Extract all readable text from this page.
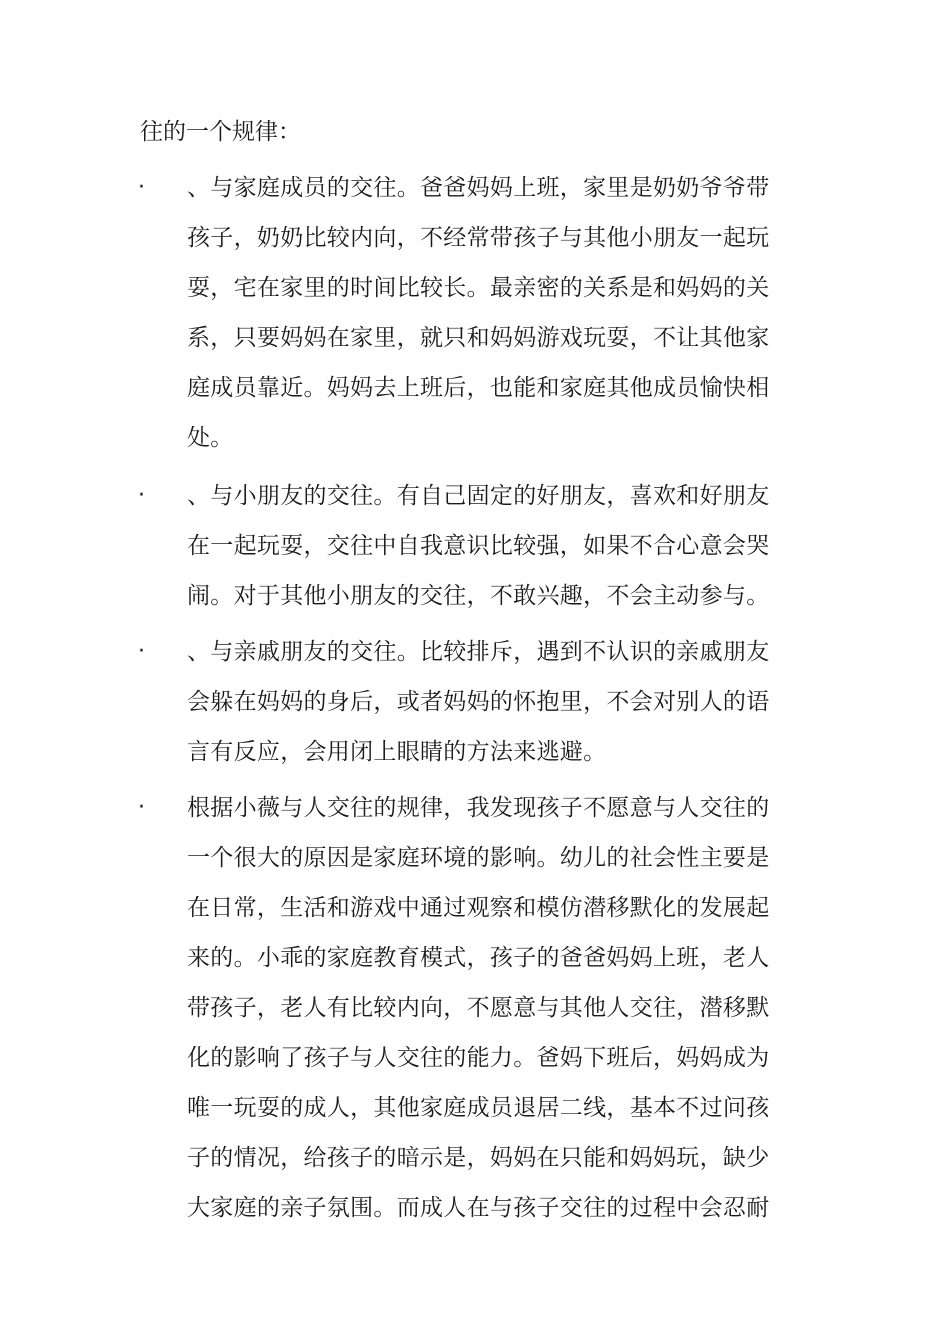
往的一个规律：
·	、与家庭成员的交往。爸爸妈妈上班，家里是奶奶爷爷带
孩子，奶奶比较内向，不经常带孩子与其他小朋友一起玩
耍，宅在家里的时间比较长。最亲密的关系是和妈妈的关
系，只要妈妈在家里，就只和妈妈游戏玩耍，不让其他家
庭成员靠近。妈妈去上班后，也能和家庭其他成员愉快相
处。
·	、与小朋友的交往。有自己固定的好朋友，喜欢和好朋友
在一起玩耍，交往中自我意识比较强，如果不合心意会哭
闹。对于其他小朋友的交往，不敢兴趣，不会主动参与。
·	、与亲戚朋友的交往。比较排斥，遇到不认识的亲戚朋友
会躲在妈妈的身后，或者妈妈的怀抱里，不会对别人的语
言有反应，会用闭上眼睛的方法来逃避。
·	根据小薇与人交往的规律，我发现孩子不愿意与人交往的
一个很大的原因是家庭环境的影响。幼儿的社会性主要是
在日常，生活和游戏中通过观察和模仿潜移默化的发展起
来的。小乖的家庭教育模式，孩子的爸爸妈妈上班，老人
带孩子，老人有比较内向，不愿意与其他人交往，潜移默
化的影响了孩子与人交往的能力。爸妈下班后，妈妈成为
唯一玩耍的成人，其他家庭成员退居二线，基本不过问孩
子的情况，给孩子的暗示是，妈妈在只能和妈妈玩，缺少
大家庭的亲子氛围。而成人在与孩子交往的过程中会忍耐
